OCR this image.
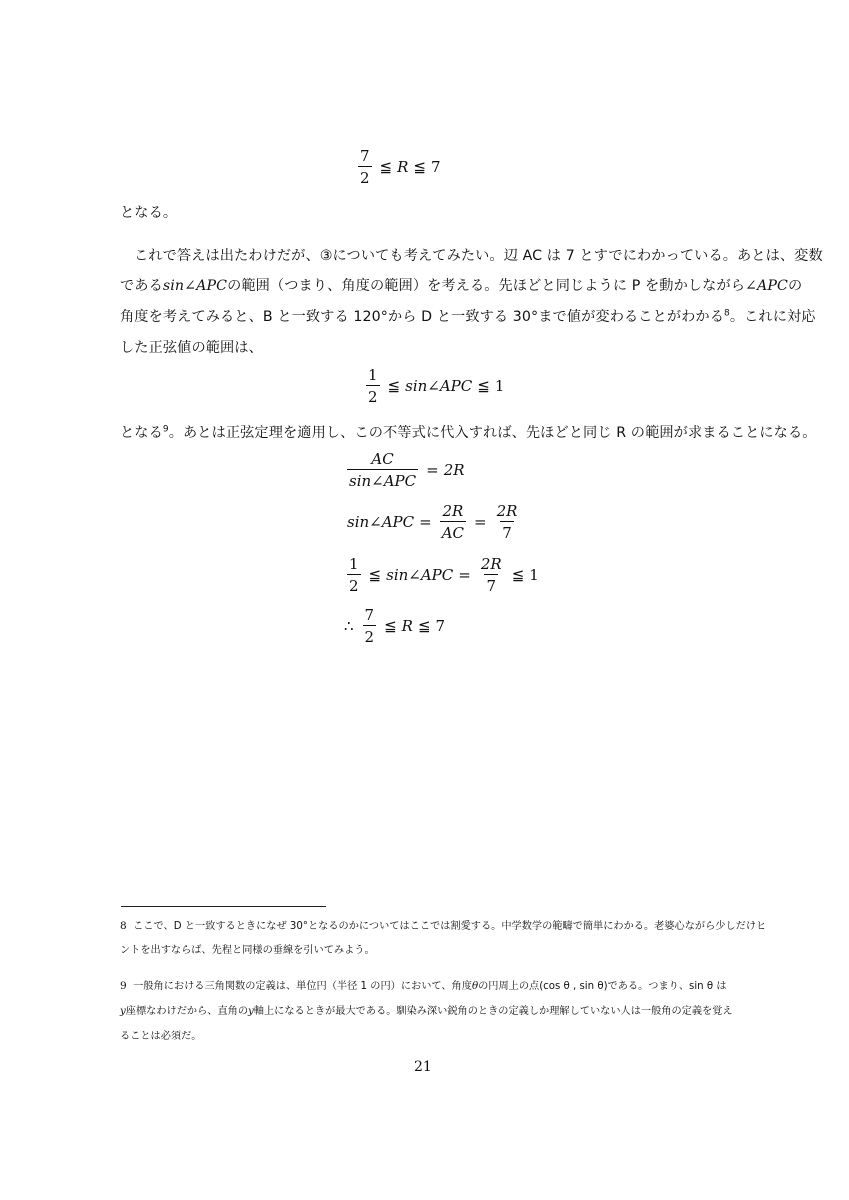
$\frac{7}{2}$ ≦ R ≦ 7
となる。
これで答えは出たわけだが、③についても考えてみたい。辺 AC は 7 とすでにわかっている。あとは、変数
であるsin∠APCの範囲（つまり、角度の範囲）を考える。先ほどと同じように P を動かしながら∠APCの
角度を考えてみると、B と一致する 120°から D と一致する 30°まで値が変わることがわかる$^8$。これに対応
した正弦値の範囲は、
$\frac{1}{2}$ ≦ sin∠APC ≦ 1
となる$^9$。あとは正弦定理を適用し、この不等式に代入すれば、先ほどと同じ R の範囲が求まることになる。
$\frac{AC}{\text{sin∠APC}} = 2R$
sin∠APC = $\frac{2R}{AC} = \frac{2R}{7}$
$\frac{1}{2}$ ≦ sin∠APC = $\frac{2R}{7}$ ≦ 1
∴ $\frac{7}{2}$ ≦ R ≦ 7
8 ここで、D と一致するときになぜ 30°となるのかについてはここでは割愛する。中学数学の範疇で簡単にわかる。老婆心ながら少しだけヒ
ントを出すならば、先程と同様の垂線を引いてみよう。
9 一般角における三角関数の定義は、単位円（半径 1 の円）において、角度θの円周上の点(cos θ , sin θ)である。つまり、sin θ は
y座標なわけだから、直角のy軸上になるときが最大である。馴染み深い鋭角のときの定義しか理解していない人は一般角の定義を覚え
ることは必須だ。
21
